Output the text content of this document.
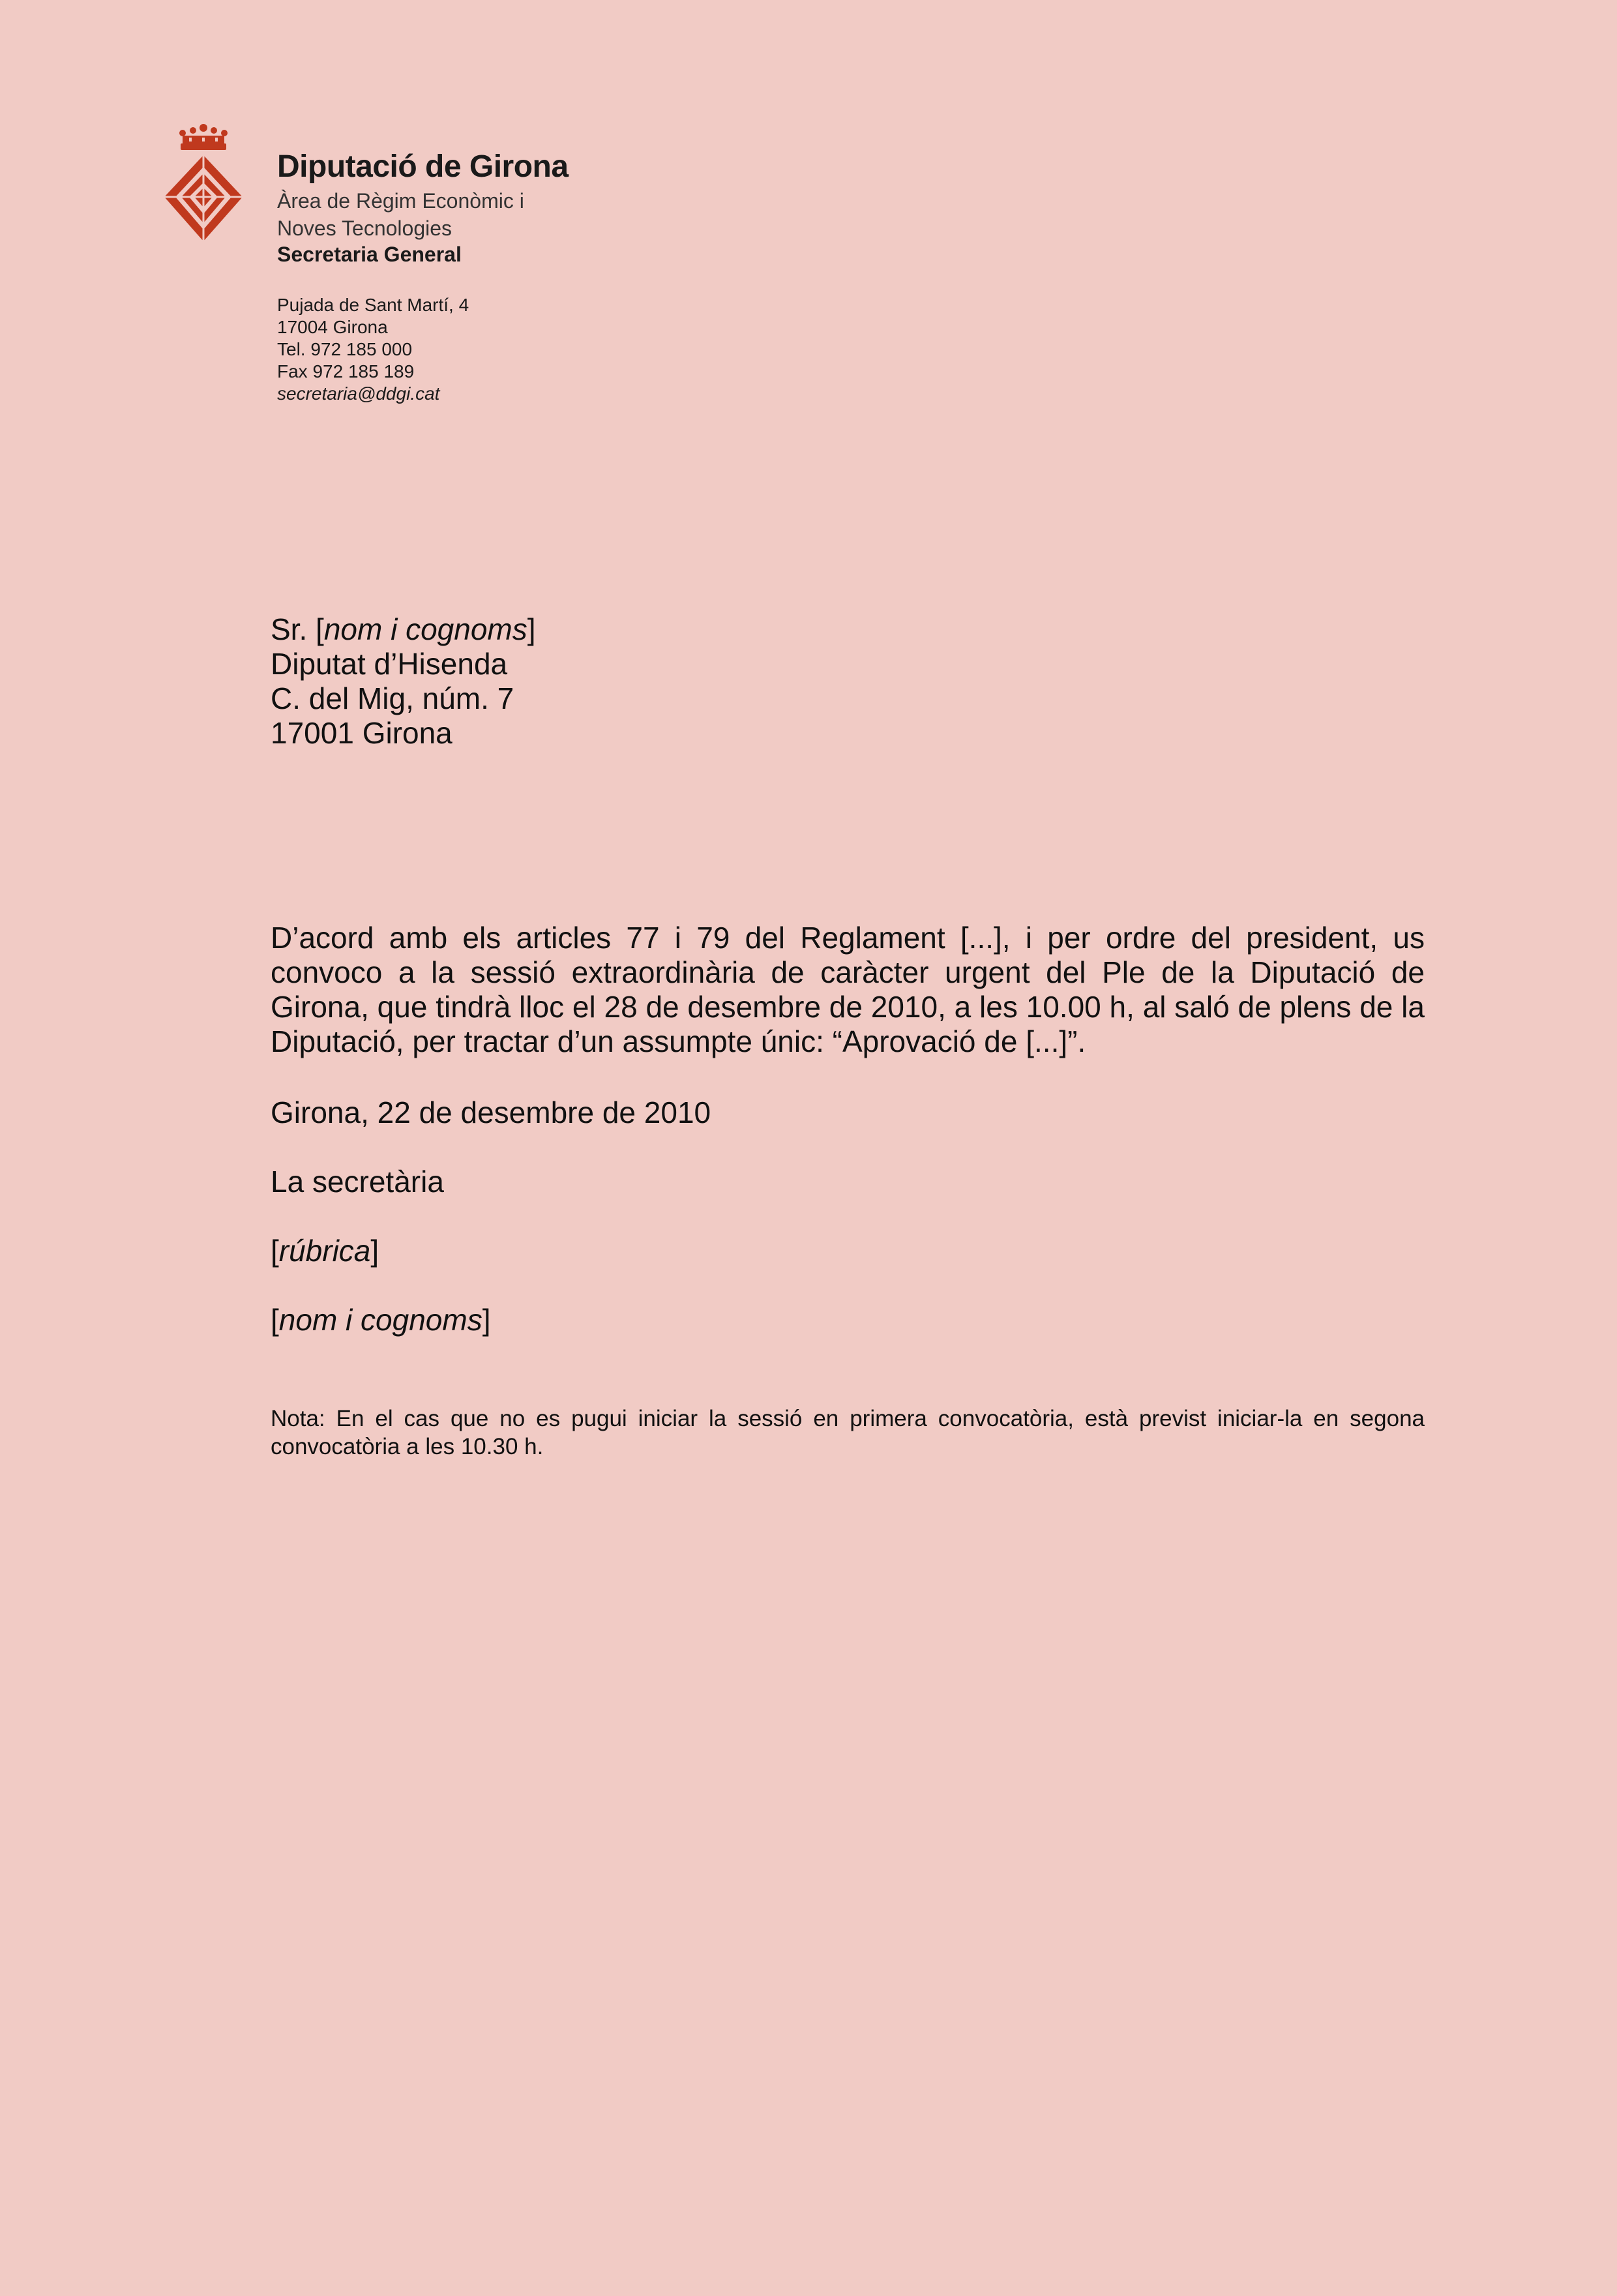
Diputació de Girona
Àrea de Règim Econòmic i
Noves Tecnologies
Secretaria General
Pujada de Sant Martí, 4
17004 Girona
Tel. 972 185 000
Fax 972 185 189
secretaria@ddgi.cat
Sr. [nom i cognoms]
Diputat d’Hisenda
C. del Mig, núm. 7
17001 Girona
D’acord amb els articles 77 i 79 del Reglament [...], i per ordre del president, us convoco a la sessió extraordinària de caràcter urgent del Ple de la Diputació de Girona, que tindrà lloc el 28 de desembre de 2010, a les 10.00 h, al saló de plens de la Diputació, per tractar d’un assumpte únic: “Aprovació de [...]”.
Girona, 22 de desembre de 2010
La secretària
[rúbrica]
[nom i cognoms]
Nota: En el cas que no es pugui iniciar la sessió en primera convocatòria, està previst iniciar-la en segona convocatòria a les 10.30 h.
